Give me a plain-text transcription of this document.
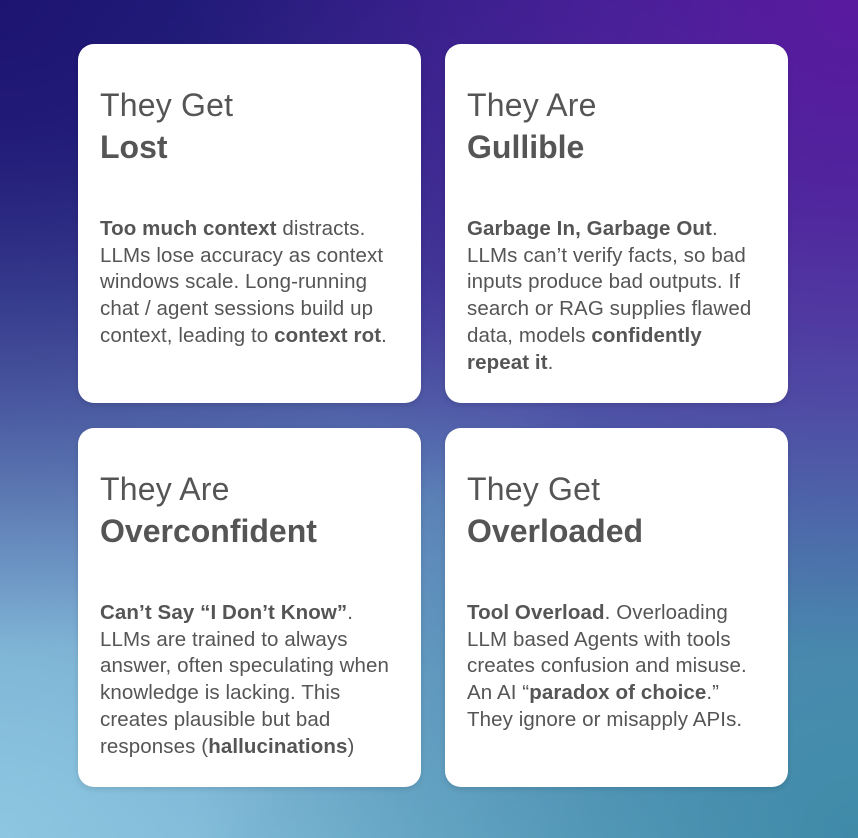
They Get
Lost
Too much context distracts. LLMs lose accuracy as context windows scale. Long-running chat / agent sessions build up context, leading to context rot.
They Are
Gullible
Garbage In, Garbage Out. LLMs can’t verify facts, so bad inputs produce bad outputs. If search or RAG supplies flawed data, models confidently repeat it.
They Are
Overconfident
Can’t Say “I Don’t Know”. LLMs are trained to always answer, often speculating when knowledge is lacking. This creates plausible but bad responses (hallucinations)
They Get
Overloaded
Tool Overload. Overloading LLM based Agents with tools creates confusion and misuse. An AI “paradox of choice.” They ignore or misapply APIs.
